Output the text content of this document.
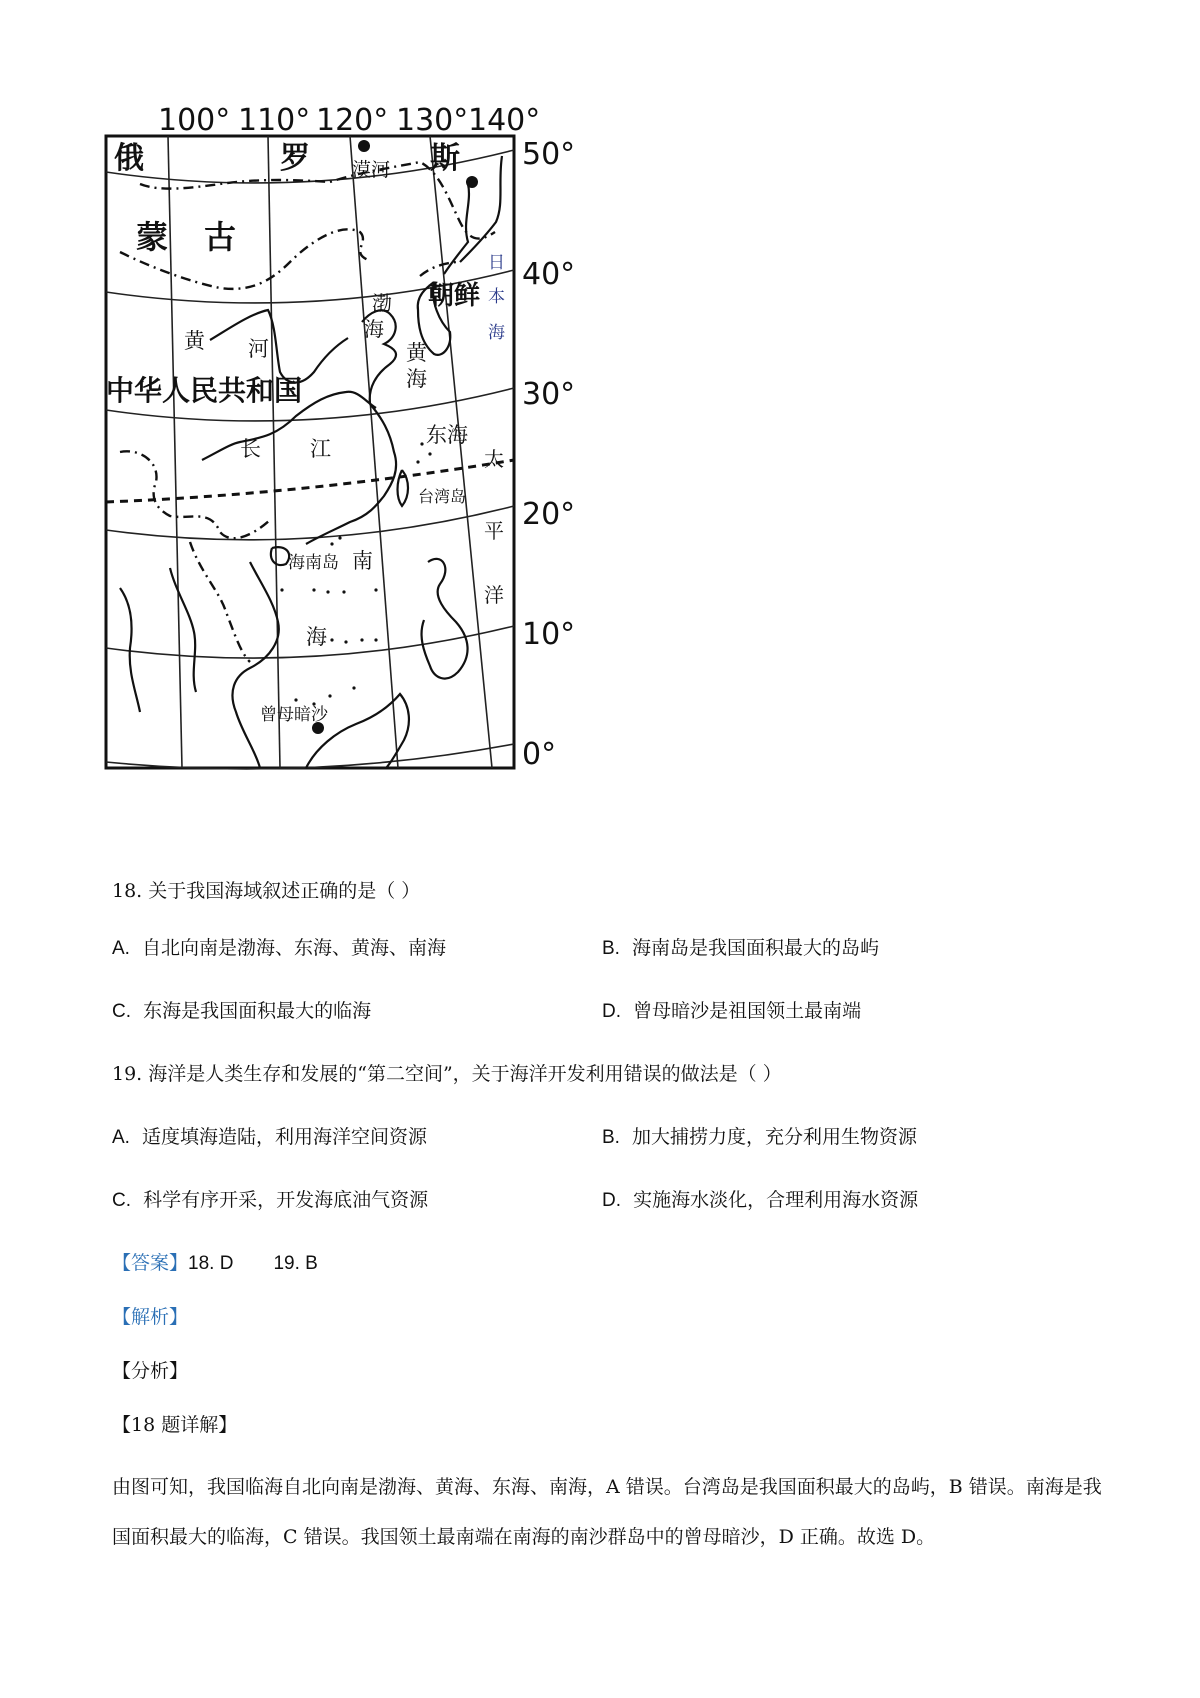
100° 110° 120° 130° 140°
50°
40°
30°
20°
10°
0°
俄	罗	斯
蒙 古
朝鲜
中华人民共和国
漠河
日
本
海
渤
海
黄 河	黄
海
长 江
东海
台湾岛
太
平
洋
海南岛 南
海
曾母暗沙
18. 关于我国海域叙述正确的是（ ）
A. 自北向南是渤海、东海、黄海、南海	B. 海南岛是我国面积最大的岛屿
C. 东海是我国面积最大的临海	D. 曾母暗沙是祖国领土最南端
19. 海洋是人类生存和发展的“第二空间”，关于海洋开发利用错误的做法是（ ）
A. 适度填海造陆，利用海洋空间资源	B. 加大捕捞力度，充分利用生物资源
C. 科学有序开采，开发海底油气资源	D. 实施海水淡化，合理利用海水资源
【答案】18. D 19. B
【解析】
【分析】
【18 题详解】
由图可知，我国临海自北向南是渤海、黄海、东海、南海，A 错误。台湾岛是我国面积最大的岛屿，B 错误。南海是我国面积最大的临海，C 错误。我国领土最南端在南海的南沙群岛中的曾母暗沙，D 正确。故选 D。
